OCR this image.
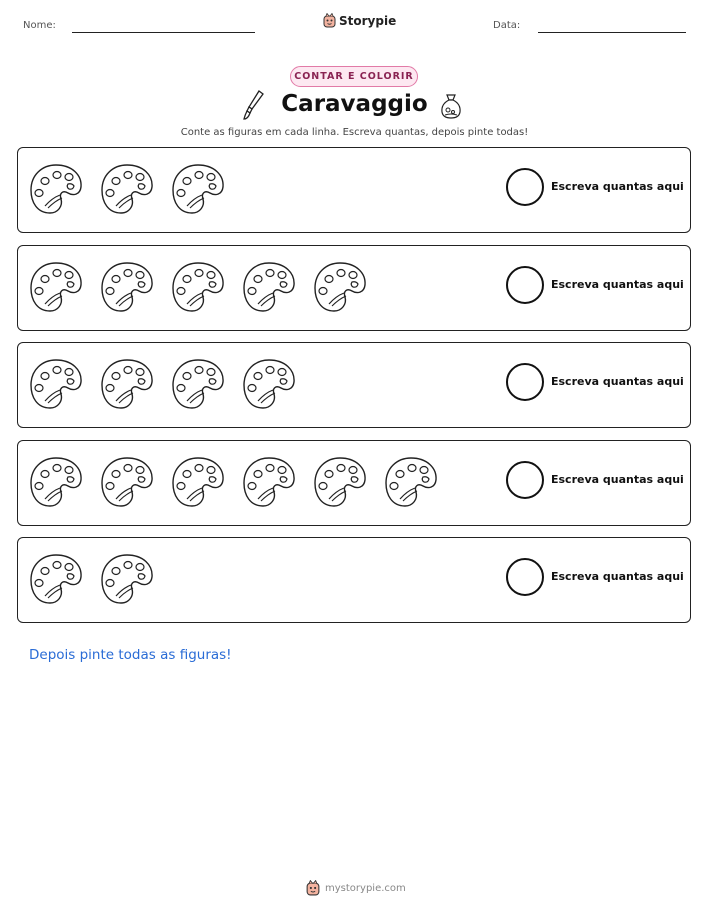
Nome:	Storypie	Data:
CONTAR E COLORIR
Caravaggio
Conte as figuras em cada linha. Escreva quantas, depois pinte todas!
Escreva quantas aqui
Escreva quantas aqui
Escreva quantas aqui
Escreva quantas aqui
Escreva quantas aqui
Depois pinte todas as figuras!
mystorypie.com
